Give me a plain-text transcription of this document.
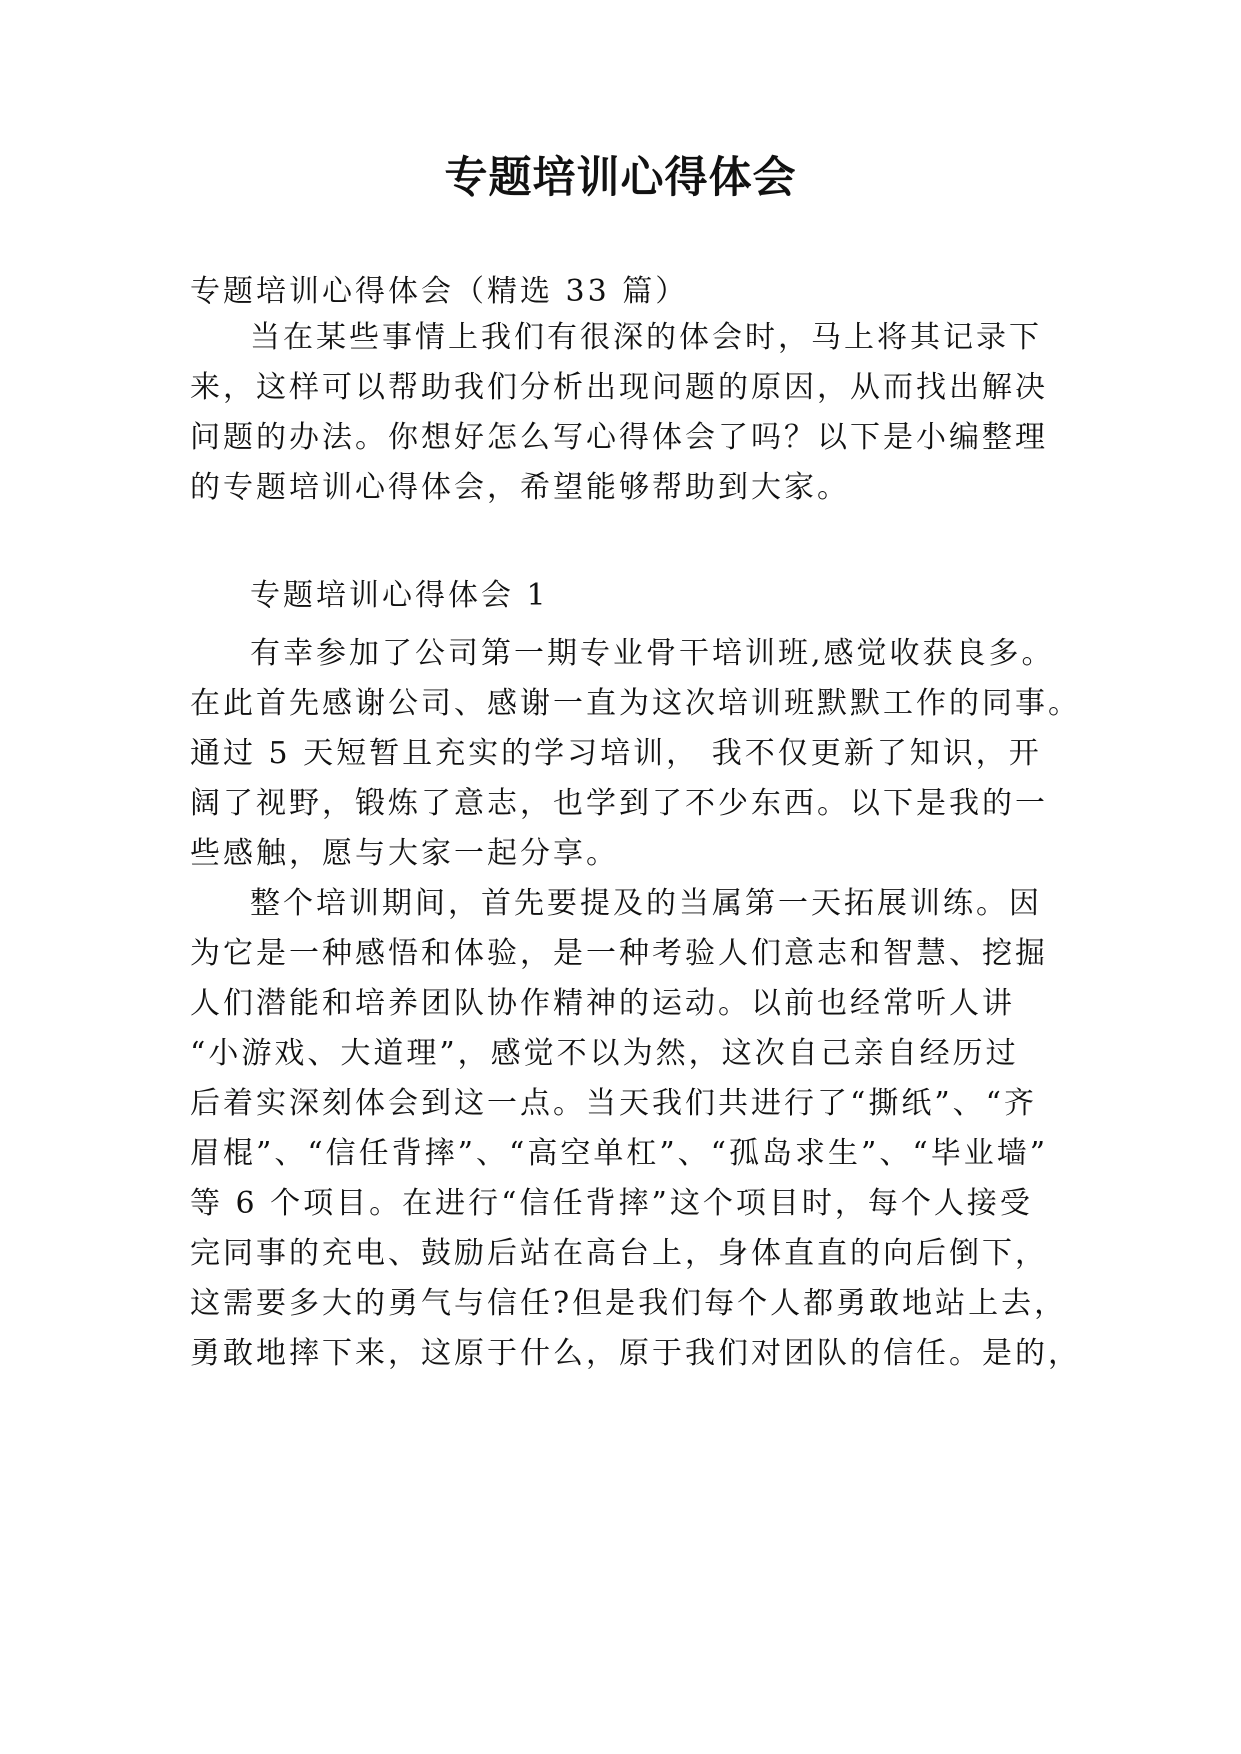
专题培训心得体会

专题培训心得体会（精选 33 篇）

当在某些事情上我们有很深的体会时，马上将其记录下

来，这样可以帮助我们分析出现问题的原因，从而找出解决

问题的办法。你想好怎么写心得体会了吗？以下是小编整理

的专题培训心得体会，希望能够帮助到大家。

专题培训心得体会 1

有幸参加了公司第一期专业骨干培训班,感觉收获良多。

在此首先感谢公司、感谢一直为这次培训班默默工作的同事。

通过 5 天短暂且充实的学习培训， 我不仅更新了知识，开

阔了视野，锻炼了意志，也学到了不少东西。以下是我的一

些感触，愿与大家一起分享。

整个培训期间，首先要提及的当属第一天拓展训练。因

为它是一种感悟和体验，是一种考验人们意志和智慧、挖掘

人们潜能和培养团队协作精神的运动。以前也经常听人讲

“小游戏、大道理”，感觉不以为然，这次自己亲自经历过

后着实深刻体会到这一点。当天我们共进行了“撕纸”、“齐

眉棍”、“信任背摔”、“高空单杠”、“孤岛求生”、“毕业墙”

等 6 个项目。在进行“信任背摔”这个项目时，每个人接受

完同事的充电、鼓励后站在高台上，身体直直的向后倒下，

这需要多大的勇气与信任?但是我们每个人都勇敢地站上去，

勇敢地摔下来，这原于什么，原于我们对团队的信任。是的，
